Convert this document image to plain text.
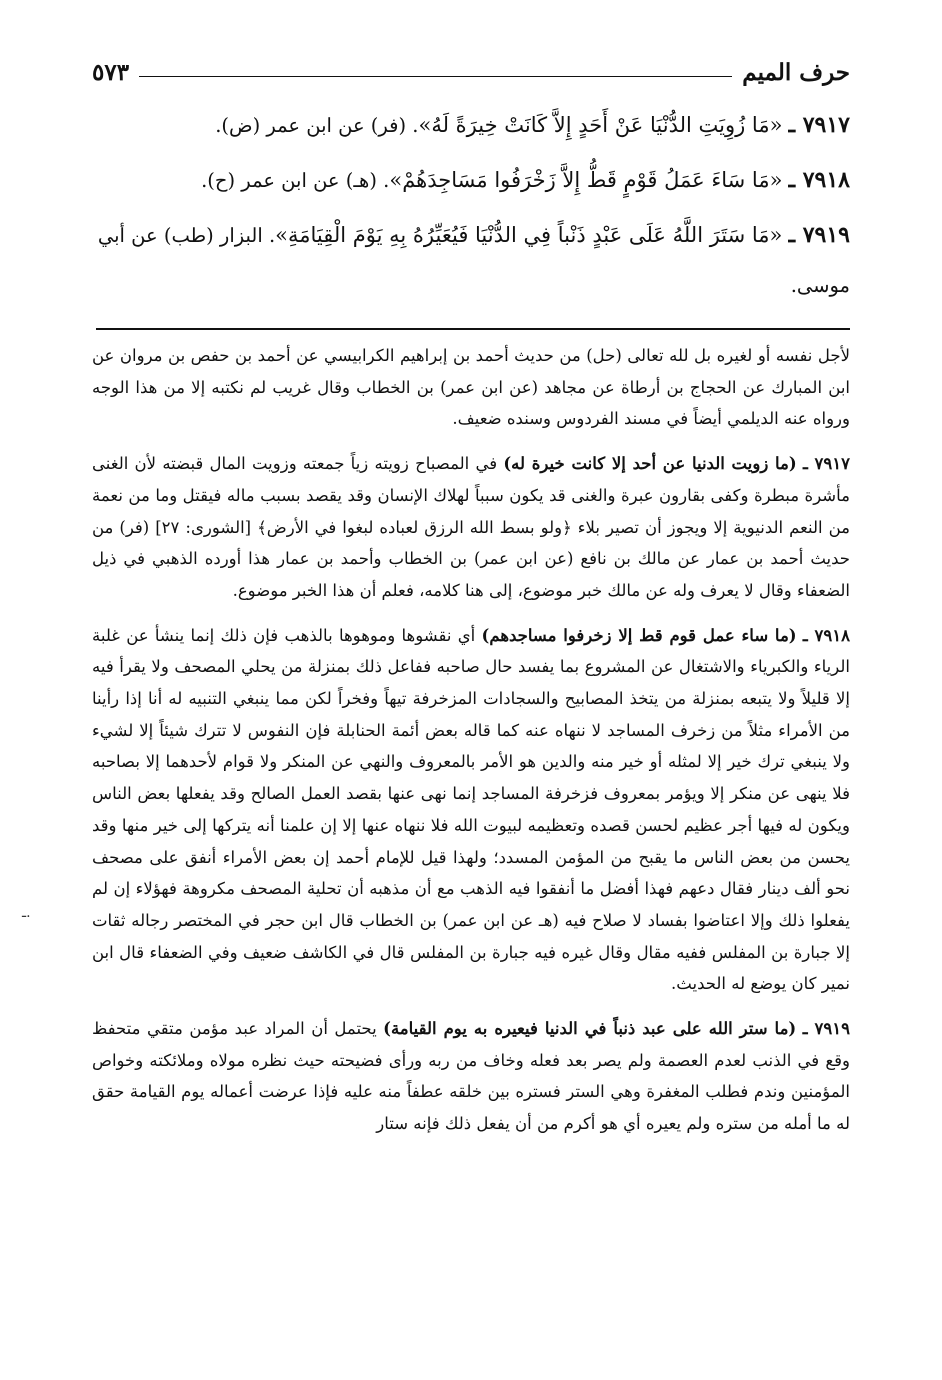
حرف الميم
٥٧٣
٧٩١٧ ـ «مَا زُوِيَتِ الدُّنْيَا عَنْ أَحَدٍ إِلاَّ كَانَتْ خِيرَةً لَهُ». (فر) عن ابن عمر (ض).
٧٩١٨ ـ «مَا سَاءَ عَمَلُ قَوْمٍ قَطُّ إِلاَّ زَخْرَفُوا مَسَاجِدَهُمْ». (هـ) عن ابن عمر (ح).
٧٩١٩ ـ «مَا سَتَرَ اللَّهُ عَلَى عَبْدٍ ذَنْباً فِي الدُّنْيَا فَيُعَيِّرُهُ بِهِ يَوْمَ الْقِيَامَةِ». البزار (طب) عن أبي موسى.

لأجل نفسه أو لغيره بل لله تعالى (حل) من حديث أحمد بن إبراهيم الكرابيسي عن أحمد بن حفص بن مروان عن ابن المبارك عن الحجاج بن أرطاة عن مجاهد (عن ابن عمر) بن الخطاب وقال غريب لم نكتبه إلا من هذا الوجه ورواه عنه الديلمي أيضاً في مسند الفردوس وسنده ضعيف.

٧٩١٧ ـ (ما زويت الدنيا عن أحد إلا كانت خيرة له) في المصباح زويته زياً جمعته وزويت المال قبضته لأن الغنى مأشرة مبطرة وكفى بقارون عبرة والغنى قد يكون سبباً لهلاك الإنسان وقد يقصد بسبب ماله فيقتل وما من نعمة من النعم الدنيوية إلا ويجوز أن تصير بلاء ﴿ولو بسط الله الرزق لعباده لبغوا في الأرض﴾ [الشورى: ٢٧] (فر) من حديث أحمد بن عمار عن مالك بن نافع (عن ابن عمر) بن الخطاب وأحمد بن عمار هذا أورده الذهبي في ذيل الضعفاء وقال لا يعرف وله عن مالك خبر موضوع، إلى هنا كلامه، فعلم أن هذا الخبر موضوع.

٧٩١٨ ـ (ما ساء عمل قوم قط إلا زخرفوا مساجدهم) أي نقشوها وموهوها بالذهب فإن ذلك إنما ينشأ عن غلبة الرياء والكبرياء والاشتغال عن المشروع بما يفسد حال صاحبه ففاعل ذلك بمنزلة من يحلي المصحف ولا يقرأ فيه إلا قليلاً ولا يتبعه بمنزلة من يتخذ المصابيح والسجادات المزخرفة تيهاً وفخراً لكن مما ينبغي التنبيه له أنا إذا رأينا من الأمراء مثلاً من زخرف المساجد لا ننهاه عنه كما قاله بعض أئمة الحنابلة فإن النفوس لا تترك شيئاً إلا لشيء ولا ينبغي ترك خير إلا لمثله أو خير منه والدين هو الأمر بالمعروف والنهي عن المنكر ولا قوام لأحدهما إلا بصاحبه فلا ينهى عن منكر إلا ويؤمر بمعروف فزخرفة المساجد إنما نهى عنها بقصد العمل الصالح وقد يفعلها بعض الناس ويكون له فيها أجر عظيم لحسن قصده وتعظيمه لبيوت الله فلا ننهاه عنها إلا إن علمنا أنه يتركها إلى خير منها وقد يحسن من بعض الناس ما يقبح من المؤمن المسدد؛ ولهذا قيل للإمام أحمد إن بعض الأمراء أنفق على مصحف نحو ألف دينار فقال دعهم فهذا أفضل ما أنفقوا فيه الذهب مع أن مذهبه أن تحلية المصحف مكروهة فهؤلاء إن لم يفعلوا ذلك وإلا اعتاضوا بفساد لا صلاح فيه (هـ عن ابن عمر) بن الخطاب قال ابن حجر في المختصر رجاله ثقات إلا جبارة بن المفلس ففيه مقال وقال غيره فيه جبارة بن المفلس قال في الكاشف ضعيف وفي الضعفاء قال ابن نمير كان يوضع له الحديث.

٧٩١٩ ـ (ما ستر الله على عبد ذنباً في الدنيا فيعيره به يوم القيامة) يحتمل أن المراد عبد مؤمن متقي متحفظ وقع في الذنب لعدم العصمة ولم يصر بعد فعله وخاف من ربه ورأى فضيحته حيث نظره مولاه وملائكته وخواص المؤمنين وندم فطلب المغفرة وهي الستر فستره بين خلقه عطفاً منه عليه فإذا عرضت أعماله يوم القيامة حقق له ما أمله من ستره ولم يعيره أي هو أكرم من أن يفعل ذلك فإنه ستار

ـ.
